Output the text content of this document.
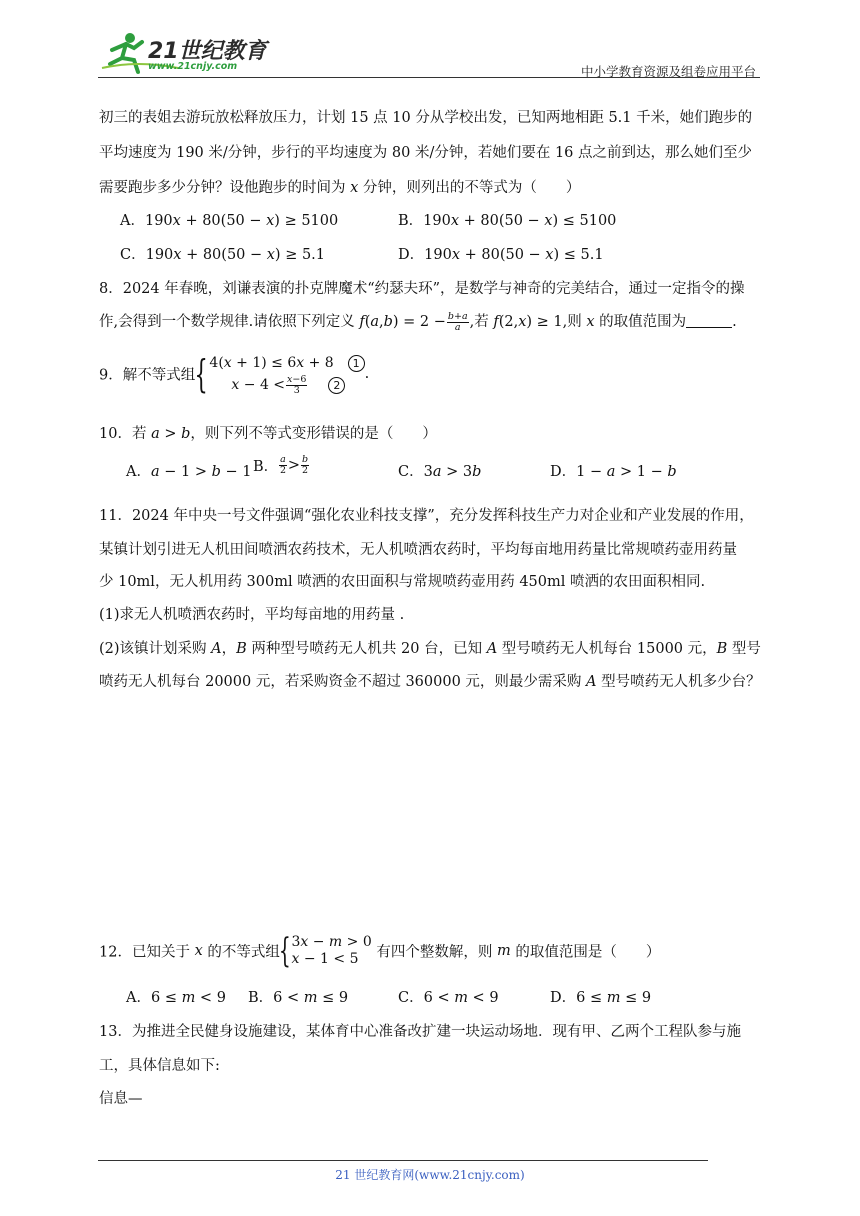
21世纪教育
www.21cnjy.com	中小学教育资源及组卷应用平台
初三的表姐去游玩放松释放压力，计划 15 点 10 分从学校出发，已知两地相距 5.1 千米，她们跑步的
平均速度为 190 米/分钟，步行的平均速度为 80 米/分钟，若她们要在 16 点之前到达，那么她们至少
需要跑步多少分钟？设他跑步的时间为 x 分钟，则列出的不等式为（　　）
A．190𝑥 + 80(50 − 𝑥) ≥ 5100	B．190𝑥 + 80(50 − 𝑥) ≤ 5100
C．190𝑥 + 80(50 − 𝑥) ≥ 5.1	D．190𝑥 + 80(50 − 𝑥) ≤ 5.1
8．2024 年春晚，刘谦表演的扑克牌魔术“约瑟夫环”，是数学与神奇的完美结合，通过一定指令的操
作,会得到一个数学规律.请依照下列定义 𝑓(𝑎,𝑏) = $2 - \frac{\text{𝑏+𝑎}}{\text{𝑎}}$ ,若 𝑓(2,𝑥) ≥ 1,则 𝑥 的取值范围为	.
9．解不等式组{ 4(𝑥 + 1) ≤ 6𝑥 + 8 1
𝑥 − $4 < \frac{\text{𝑥−6}}{3} 2$
.
10．若 𝑎 > 𝑏，则下列不等式变形错误的是（　　）
A．𝑎 − 1 > 𝑏 − 1 B． $\frac{\text{𝑎}}{2} > \frac{\text{𝑏}}{2}$	C．3𝑎 > 3𝑏	D．1 − 𝑎 > 1 − 𝑏
11．2024 年中央一号文件强调“强化农业科技支撑”，充分发挥科技生产力对企业和产业发展的作用，
某镇计划引进无人机田间喷洒农药技术，无人机喷洒农药时，平均每亩地用药量比常规喷药壶用药量
少 10ml，无人机用药 300ml 喷洒的农田面积与常规喷药壶用药 450ml 喷洒的农田面积相同.
(1)求无人机喷洒农药时，平均每亩地的用药量 .
(2)该镇计划采购 A，B 两种型号喷药无人机共 20 台，已知 A 型号喷药无人机每台 15000 元，B 型号
喷药无人机每台 20000 元，若采购资金不超过 360000 元，则最少需采购 A 型号喷药无人机多少台？
12．已知关于 x 的不等式组{ 3𝑥 − 𝑚 > 0
𝑥 − 1 < 5 有四个整数解，则 m 的取值范围是（　　）
A．6 ≤ 𝑚 < 9 B．6 < 𝑚 ≤ 9	C．6 < 𝑚 < 9	D．6 ≤ 𝑚 ≤ 9
13．为推进全民健身设施建设，某体育中心准备改扩建一块运动场地．现有甲、乙两个工程队参与施
工，具体信息如下:
信息—
21 世纪教育网(www.21cnjy.com)
